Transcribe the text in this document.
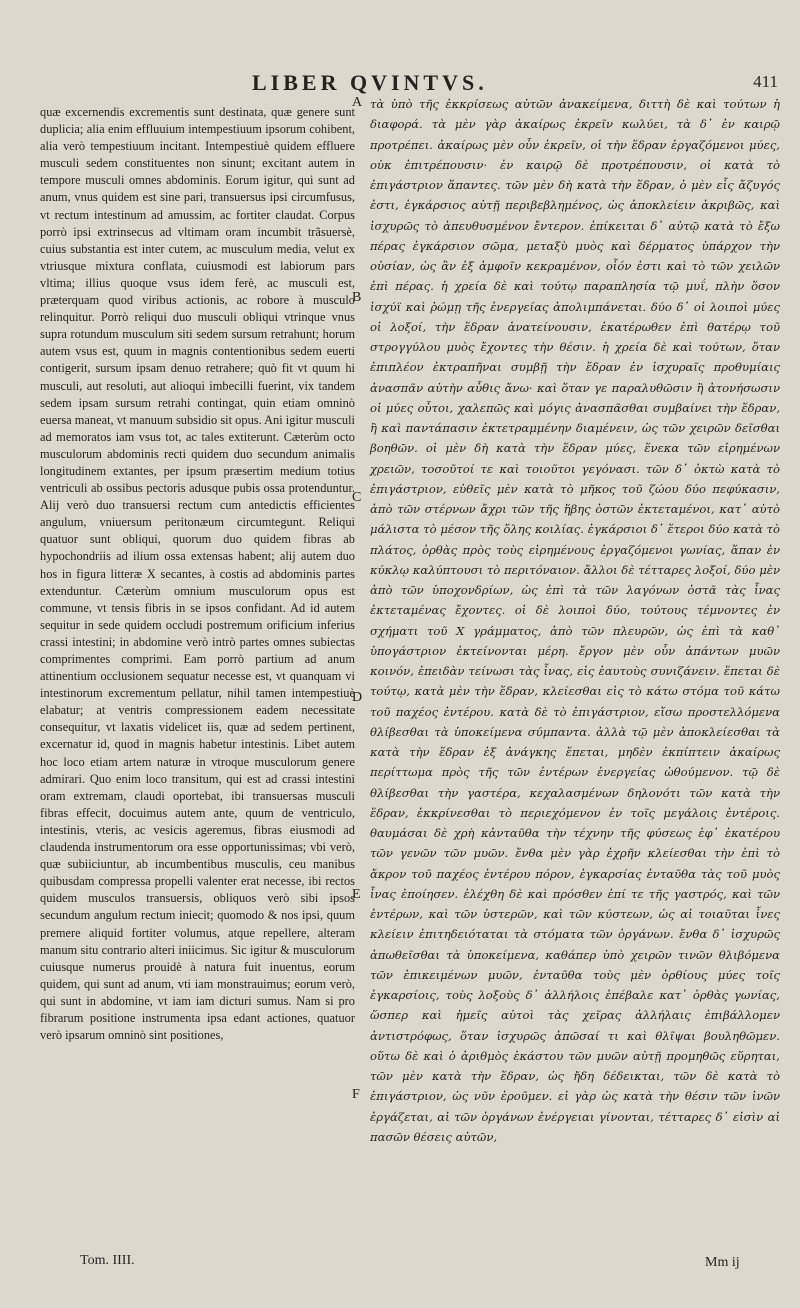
LIBER QVINTVS.	411

quæ excernendis excrementis sunt destinata, quæ genere sunt duplicia; alia enim effluuium intempestiuum ipsorum cohibent, alia verò tempestiuum incitant. Intempestiuè quidem effluere musculi sedem constituentes non sinunt; excitant autem in tempore musculi omnes abdominis. Eorum igitur, qui sunt ad anum, vnus quidem est sine pari, transuersus ipsi circumfusus, vt rectum intestinum ad amussim, ac fortiter claudat. Corpus porrò ipsi extrinsecus ad vltimam oram incumbit trãsuersè, cuius substantia est inter cutem, ac musculum media, velut ex vtriusque mixtura conflata, cuiusmodi est labiorum pars vltima; illius quoque vsus idem ferè, ac musculi est, præterquam quod viribus actionis, ac robore à musculo relinquitur. Porrò reliqui duo musculi obliqui vtrinque vnus supra rotundum musculum siti sedem sursum retrahunt; horum autem vsus est, quum in magnis contentionibus sedem euerti contigerit, sursum ipsam denuo retrahere; quò fit vt quum hi musculi, aut resoluti, aut alioqui imbecilli fuerint, vix tandem sedem ipsam sursum retrahi contingat, quin etiam omninò euersa maneat, vt manuum subsidio sit opus. Ani igitur musculi ad memoratos iam vsus tot, ac tales extiterunt. Cæterùm octo musculorum abdominis recti quidem duo secundum animalis longitudinem extantes, per ipsum præsertim medium totius ventriculi ab ossibus pectoris adusque pubis ossa protenduntur. Alij verò duo transuersi rectum cum antedictis efficientes angulum, vniuersum peritonæum circumtegunt. Reliqui quatuor sunt obliqui, quorum duo quidem fibras ab hypochondriis ad ilium ossa extensas habent; alij autem duo hos in figura litteræ X secantes, à costis ad abdominis partes extenduntur. Cæterùm omnium musculorum opus est commune, vt tensis fibris in se ipsos confidant. Ad id autem sequitur in sede quidem occludi postremum orificium inferius crassi intestini; in abdomine verò intrò partes omnes subiectas comprimentes comprimi. Eam porrò partium ad anum attinentium occlusionem sequatur necesse est, vt quanquam vi intestinorum excrementum pellatur, nihil tamen intempestiuè elabatur; at ventris compressionem eadem necessitate consequitur, vt laxatis videlicet iis, quæ ad sedem pertinent, excernatur id, quod in magnis habetur intestinis. Libet autem hoc loco etiam artem naturæ in vtroque musculorum genere admirari. Quo enim loco transitum, qui est ad crassi intestini oram extremam, claudi oportebat, ibi transuersas musculi fibras effecit, docuimus autem ante, quum de ventriculo, intestinis, vteris, ac vesicis ageremus, fibras eiusmodi ad claudenda instrumentorum ora esse opportunissimas; vbi verò, quæ subiiciuntur, ab incumbentibus musculis, ceu manibus quibusdam compressa propelli valenter erat necesse, ibi rectos quidem musculos transuersis, obliquos verò sibi ipsos secundum angulum rectum iniecit; quomodo & nos ipsi, quum premere aliquid fortiter volumus, atque repellere, alteram manum situ contrario alteri iniicimus. Sic igitur & musculorum cuiusque numerus prouidè à natura fuit inuentus, eorum quidem, qui sunt ad anum, vti iam monstrauimus; eorum verò, qui sunt in abdomine, vt iam iam dicturi sumus. Nam si pro fibrarum positione instrumenta ipsa edant actiones, quatuor verò ipsarum omninò sint positiones,

τὰ ὑπὸ τῆς ἐκκρίσεως αὐτῶν ἀνακείμενα, διττὴ δὲ καὶ τούτων ἡ διαφορά. τὰ μὲν γὰρ ἀκαίρως ἐκρεῖν κωλύει, τὰ δ᾽ ἐν καιρῷ προτρέπει. ἀκαίρως μὲν οὖν ἐκρεῖν, οἱ τὴν ἕδραν ἐργαζόμενοι μύες, οὐκ ἐπιτρέπουσιν· ἐν καιρῷ δὲ προτρέπουσιν, οἱ κατὰ τὸ ἐπιγάστριον ἅπαντες. τῶν μὲν δὴ κατὰ τὴν ἕδραν, ὁ μὲν εἷς ἄζυγός ἐστι, ἐγκάρσιος αὐτῇ περιβεβλημένος, ὡς ἀποκλείειν ἀκριβῶς, καὶ ἰσχυρῶς τὸ ἀπευθυσμένον ἔντερον. ἐπίκειται δ᾽ αὐτῷ κατὰ τὸ ἔξω πέρας ἐγκάρσιον σῶμα, μεταξὺ μυὸς καὶ δέρματος ὑπάρχον τὴν οὐσίαν, ὡς ἂν ἐξ ἀμφοῖν κεκραμένον, οἷόν ἐστι καὶ τὸ τῶν χειλῶν ἐπὶ πέρας. ἡ χρεία δὲ καὶ τούτῳ παραπλησία τῷ μυΐ, πλὴν ὅσον ἰσχύϊ καὶ ῥώμῃ τῆς ἐνεργείας ἀπολιμπάνεται. δύο δ᾽ οἱ λοιποὶ μύες οἱ λοξοί, τὴν ἕδραν ἀνατείνουσιν, ἑκατέρωθεν ἐπὶ θατέρῳ τοῦ στρογγύλου μυὸς ἔχοντες τὴν θέσιν. ἡ χρεία δὲ καὶ τούτων, ὅταν ἐπιπλέον ἐκτραπῆναι συμβῇ τὴν ἕδραν ἐν ἰσχυραῖς προθυμίαις ἀνασπᾶν αὐτὴν αὖθις ἄνω· καὶ ὅταν γε παραλυθῶσιν ἢ ἀτονήσωσιν οἱ μύες οὗτοι, χαλεπῶς καὶ μόγις ἀνασπᾶσθαι συμβαίνει τὴν ἕδραν, ἢ καὶ παντάπασιν ἐκτετραμμένην διαμένειν, ὡς τῶν χειρῶν δεῖσθαι βοηθῶν. οἱ μὲν δὴ κατὰ τὴν ἕδραν μύες, ἕνεκα τῶν εἰρημένων χρειῶν, τοσοῦτοί τε καὶ τοιοῦτοι γεγόνασι. τῶν δ᾽ ὀκτὼ κατὰ τὸ ἐπιγάστριον, εὐθεῖς μὲν κατὰ τὸ μῆκος τοῦ ζώου δύο πεφύκασιν, ἀπὸ τῶν στέρνων ἄχρι τῶν τῆς ἥβης ὀστῶν ἐκτεταμένοι, κατ᾽ αὐτὸ μάλιστα τὸ μέσον τῆς ὅλης κοιλίας. ἐγκάρσιοι δ᾽ ἕτεροι δύο κατὰ τὸ πλάτος, ὀρθὰς πρὸς τοὺς εἰρημένους ἐργαζόμενοι γωνίας, ἅπαν ἐν κύκλῳ καλύπτουσι τὸ περιτόναιον. ἄλλοι δὲ τέτταρες λοξοί, δύο μὲν ἀπὸ τῶν ὑποχονδρίων, ὡς ἐπὶ τὰ τῶν λαγόνων ὀστᾶ τὰς ἶνας ἐκτεταμένας ἔχοντες. οἱ δὲ λοιποὶ δύο, τούτους τέμνοντες ἐν σχήματι τοῦ Χ γράμματος, ἀπὸ τῶν πλευρῶν, ὡς ἐπὶ τὰ καθ᾽ ὑπογάστριον ἐκτείνονται μέρη. ἔργον μὲν οὖν ἁπάντων μυῶν κοινόν, ἐπειδὰν τείνωσι τὰς ἶνας, εἰς ἑαυτοὺς συνιζάνειν. ἕπεται δὲ τούτῳ, κατὰ μὲν τὴν ἕδραν, κλείεσθαι εἰς τὸ κάτω στόμα τοῦ κάτω τοῦ παχέος ἐντέρου. κατὰ δὲ τὸ ἐπιγάστριον, εἴσω προστελλόμενα θλίβεσθαι τὰ ὑποκείμενα σύμπαντα. ἀλλὰ τῷ μὲν ἀποκλείεσθαι τὰ κατὰ τὴν ἕδραν ἐξ ἀνάγκης ἕπεται, μηδὲν ἐκπίπτειν ἀκαίρως περίττωμα πρὸς τῆς τῶν ἐντέρων ἐνεργείας ὠθούμενον. τῷ δὲ θλίβεσθαι τὴν γαστέρα, κεχαλασμένων δηλονότι τῶν κατὰ τὴν ἕδραν, ἐκκρίνεσθαι τὸ περιεχόμενον ἐν τοῖς μεγάλοις ἐντέροις. θαυμάσαι δὲ χρὴ κἀνταῦθα τὴν τέχνην τῆς φύσεως ἐφ᾽ ἑκατέρου τῶν γενῶν τῶν μυῶν. ἔνθα μὲν γὰρ ἐχρῆν κλείεσθαι τὴν ἐπὶ τὸ ἄκρον τοῦ παχέος ἐντέρου πόρον, ἐγκαρσίας ἐνταῦθα τὰς τοῦ μυὸς ἶνας ἐποίησεν. ἐλέχθη δὲ καὶ πρόσθεν ἐπί τε τῆς γαστρός, καὶ τῶν ἐντέρων, καὶ τῶν ὑστερῶν, καὶ τῶν κύστεων, ὡς αἱ τοιαῦται ἶνες κλείειν ἐπιτηδειόταται τὰ στόματα τῶν ὀργάνων. ἔνθα δ᾽ ἰσχυρῶς ἀπωθεῖσθαι τὰ ὑποκείμενα, καθάπερ ὑπὸ χειρῶν τινῶν θλιβόμενα τῶν ἐπικειμένων μυῶν, ἐνταῦθα τοὺς μὲν ὀρθίους μύες τοῖς ἐγκαρσίοις, τοὺς λοξοὺς δ᾽ ἀλλήλοις ἐπέβαλε κατ᾽ ὀρθὰς γωνίας, ὥσπερ καὶ ἡμεῖς αὐτοὶ τὰς χεῖρας ἀλλήλαις ἐπιβάλλομεν ἀντιστρόφως, ὅταν ἰσχυρῶς ἀπῶσαί τι καὶ θλῖψαι βουληθῶμεν. οὕτω δὲ καὶ ὁ ἀριθμὸς ἑκάστου τῶν μυῶν αὐτῇ προμηθῶς εὕρηται, τῶν μὲν κατὰ τὴν ἕδραν, ὡς ἤδη δέδεικται, τῶν δὲ κατὰ τὸ ἐπιγάστριον, ὡς νῦν ἐροῦμεν. εἰ γὰρ ὡς κατὰ τὴν θέσιν τῶν ἰνῶν ἐργάζεται, αἱ τῶν ὀργάνων ἐνέργειαι γίνονται, τέτταρες δ᾽ εἰσὶν αἱ πασῶν θέσεις αὐτῶν,

A
B
C
D
E
F
Tom. IIII.	Mm ij
